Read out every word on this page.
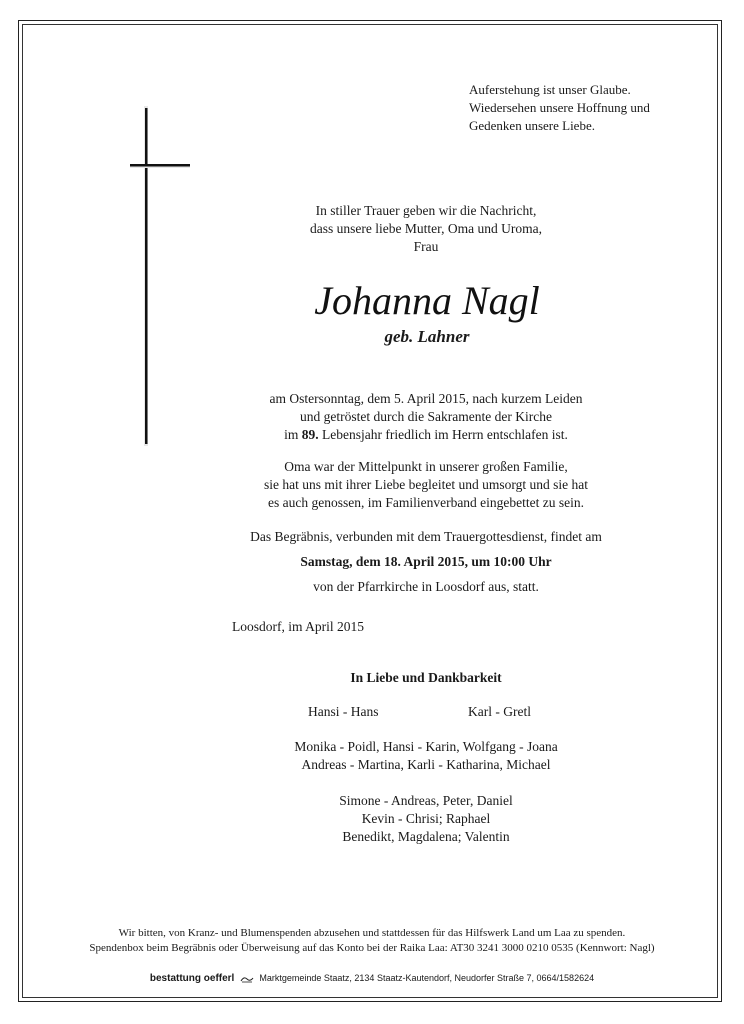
Auferstehung ist unser Glaube.
Wiedersehen unsere Hoffnung und
Gedenken unsere Liebe.
In stiller Trauer geben wir die Nachricht,
dass unsere liebe Mutter, Oma und Uroma,
Frau
Johanna Nagl
geb. Lahner
am Ostersonntag, dem 5. April 2015, nach kurzem Leiden
und getröstet durch die Sakramente der Kirche
im 89. Lebensjahr friedlich im Herrn entschlafen ist.
Oma war der Mittelpunkt in unserer großen Familie,
sie hat uns mit ihrer Liebe begleitet und umsorgt und sie hat
es auch genossen, im Familienverband eingebettet zu sein.
Das Begräbnis, verbunden mit dem Trauergottesdienst, findet am
Samstag, dem 18. April 2015, um 10:00 Uhr
von der Pfarrkirche in Loosdorf aus, statt.
Loosdorf, im April 2015
In Liebe und Dankbarkeit
Hansi - Hans	Karl - Gretl
Monika - Poidl, Hansi - Karin, Wolfgang - Joana
Andreas - Martina, Karli - Katharina, Michael
Simone - Andreas, Peter, Daniel
Kevin - Chrisi; Raphael
Benedikt, Magdalena; Valentin
Wir bitten, von Kranz- und Blumenspenden abzusehen und stattdessen für das Hilfswerk Land um Laa zu spenden.
Spendenbox beim Begräbnis oder Überweisung auf das Konto bei der Raika Laa: AT30 3241 3000 0210 0535 (Kennwort: Nagl)
bestattung oefferl	Marktgemeinde Staatz, 2134 Staatz-Kautendorf, Neudorfer Straße 7, 0664/1582624
